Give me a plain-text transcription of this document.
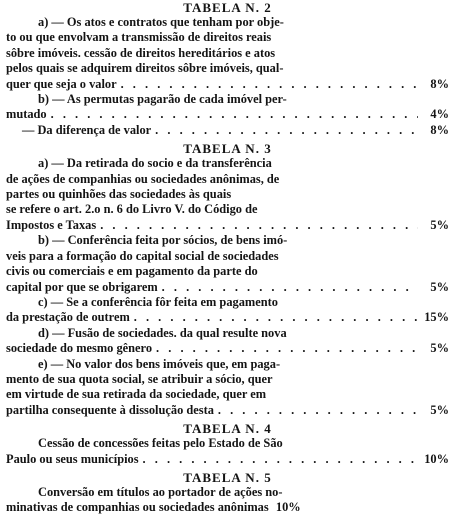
TABELA N. 2

a) — Os atos e contratos que tenham por obje-
to ou que envolvam a transmissão de direitos reais
sôbre imóveis. cessão de direitos hereditários e atos
pelos quais se adquirem direitos sôbre imóveis, qual-
quer que seja o valor . . .	8%
b) — As permutas pagarão de cada imóvel per-
mutado . . .	4%
— Da diferença de valor . . .	8%

TABELA N. 3

a) — Da retirada do socio e da transferência
de ações de companhias ou sociedades anônimas, de
partes ou quinhões das sociedades às quais
se refere o art. 2.o n. 6 do Livro V. do Código de
Impostos e Taxas . . .	5%
b) — Conferência feita por sócios, de bens imó-
veis para a formação do capital social de sociedades
civis ou comerciais e em pagamento da parte do
capital por que se obrigarem . . .	5%
c) — Se a conferência fôr feita em pagamento
da prestação de outrem . . .	15%
d) — Fusão de sociedades. da qual resulte nova
sociedade do mesmo gênero . . .	5%
e) — No valor dos bens imóveis que, em paga-
mento de sua quota social, se atribuir a sócio, quer
em virtude de sua retirada da sociedade, quer em
partilha consequente à dissolução desta . . .	5%

TABELA N. 4

Cessão de concessões feitas pelo Estado de São
Paulo ou seus municípios . . .	10%

TABELA N. 5

Conversão em títulos ao portador de ações no-
minativas de companhias ou sociedades anônimas 10%
